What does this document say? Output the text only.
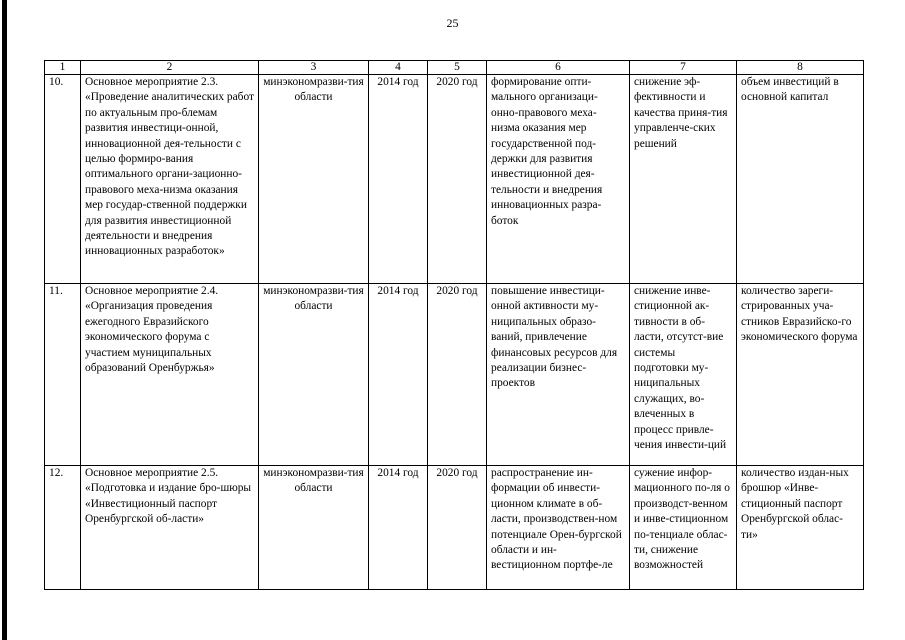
25
1	2	3	4	5	6	7	8
10.	Основное мероприятие 2.3. «Проведение аналитических работ по актуальным про-блемам развития инвестици-онной, инновационной дея-тельности с целью формиро-вания оптимального органи-зационно-правового меха-низма оказания мер государ-ственной поддержки для развития инвестиционной деятельности и внедрения инновационных разработок»	минэкономразви-тия области	2014 год	2020 год	формирование опти-мального организаци-онно-правового меха-низма оказания мер государственной под-держки для развития инвестиционной дея-тельности и внедрения инновационных разра-боток	снижение эф-фективности и качества приня-тия управленче-ских решений	объем инвестиций в основной капитал
11.	Основное мероприятие 2.4. «Организация проведения ежегодного Евразийского экономического форума с участием муниципальных образований Оренбуржья»	минэкономразви-тия области	2014 год	2020 год	повышение инвестици-онной активности му-ниципальных образо-ваний, привлечение финансовых ресурсов для реализации бизнес-проектов	снижение инве-стиционной ак-тивности в об-ласти, отсутст-вие системы подготовки му-ниципальных служащих, во-влеченных в процесс привле-чения инвести-ций	количество зареги-стрированных уча-стников Евразийско-го экономического форума
12.	Основное мероприятие 2.5. «Подготовка и издание бро-шюры «Инвестиционный паспорт Оренбургской об-ласти»	минэкономразви-тия области	2014 год	2020 год	распространение ин-формации об инвести-ционном климате в об-ласти, производствен-ном потенциале Орен-бургской области и ин-вестиционном портфе-ле	сужение инфор-мационного по-ля о производст-венном и инве-стиционном по-тенциале облас-ти, снижение возможностей	количество издан-ных брошюр «Инве-стиционный паспорт Оренбургской облас-ти»
